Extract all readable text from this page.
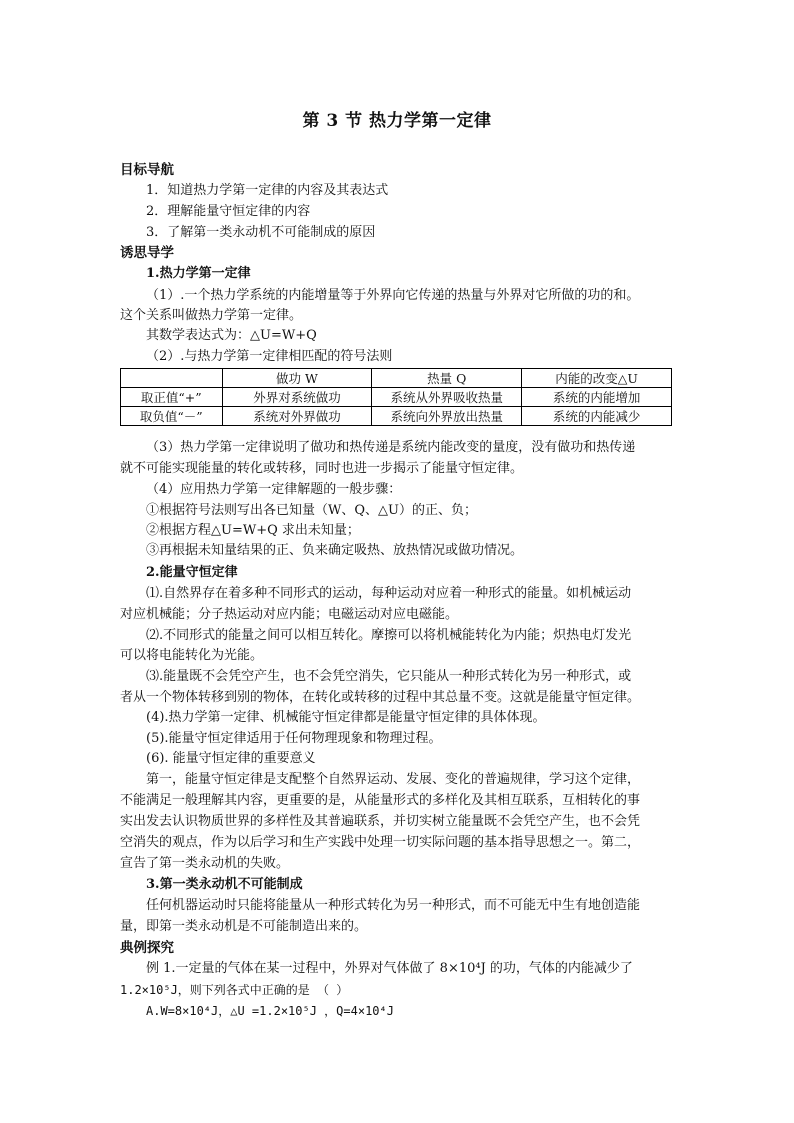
第 3 节 热力学第一定律
目标导航
1．知道热力学第一定律的内容及其表达式
2．理解能量守恒定律的内容
3．了解第一类永动机不可能制成的原因
诱思导学
1.热力学第一定律
（1）.一个热力学系统的内能增量等于外界向它传递的热量与外界对它所做的功的和。
这个关系叫做热力学第一定律。
其数学表达式为：△U=W+Q
（2）.与热力学第一定律相匹配的符号法则
	做功 W	热量 Q	内能的改变△U
取正值“+”	外界对系统做功	系统从外界吸收热量	系统的内能增加
取负值“－”	系统对外界做功	系统向外界放出热量	系统的内能减少
（3）热力学第一定律说明了做功和热传递是系统内能改变的量度，没有做功和热传递
就不可能实现能量的转化或转移，同时也进一步揭示了能量守恒定律。
（4）应用热力学第一定律解题的一般步骤：
①根据符号法则写出各已知量（W、Q、△U）的正、负；
②根据方程△U=W+Q 求出未知量；
③再根据未知量结果的正、负来确定吸热、放热情况或做功情况。
2.能量守恒定律
⑴.自然界存在着多种不同形式的运动，每种运动对应着一种形式的能量。如机械运动
对应机械能；分子热运动对应内能；电磁运动对应电磁能。
⑵.不同形式的能量之间可以相互转化。摩擦可以将机械能转化为内能；炽热电灯发光
可以将电能转化为光能。
⑶.能量既不会凭空产生，也不会凭空消失，它只能从一种形式转化为另一种形式，或
者从一个物体转移到别的物体，在转化或转移的过程中其总量不变。这就是能量守恒定律。
(4).热力学第一定律、机械能守恒定律都是能量守恒定律的具体体现。
(5).能量守恒定律适用于任何物理现象和物理过程。
(6). 能量守恒定律的重要意义
第一，能量守恒定律是支配整个自然界运动、发展、变化的普遍规律，学习这个定律，
不能满足一般理解其内容，更重要的是，从能量形式的多样化及其相互联系，互相转化的事
实出发去认识物质世界的多样性及其普遍联系，并切实树立能量既不会凭空产生，也不会凭
空消失的观点，作为以后学习和生产实践中处理一切实际问题的基本指导思想之一。第二，
宣告了第一类永动机的失败。
3.第一类永动机不可能制成
任何机器运动时只能将能量从一种形式转化为另一种形式，而不可能无中生有地创造能
量，即第一类永动机是不可能制造出来的。
典例探究
例 1.一定量的气体在某一过程中，外界对气体做了 8×10⁴J 的功，气体的内能减少了
1.2×10⁵J，则下列各式中正确的是 （ ）
A.W=8×10⁴J，△U =1.2×10⁵J ，Q=4×10⁴J
